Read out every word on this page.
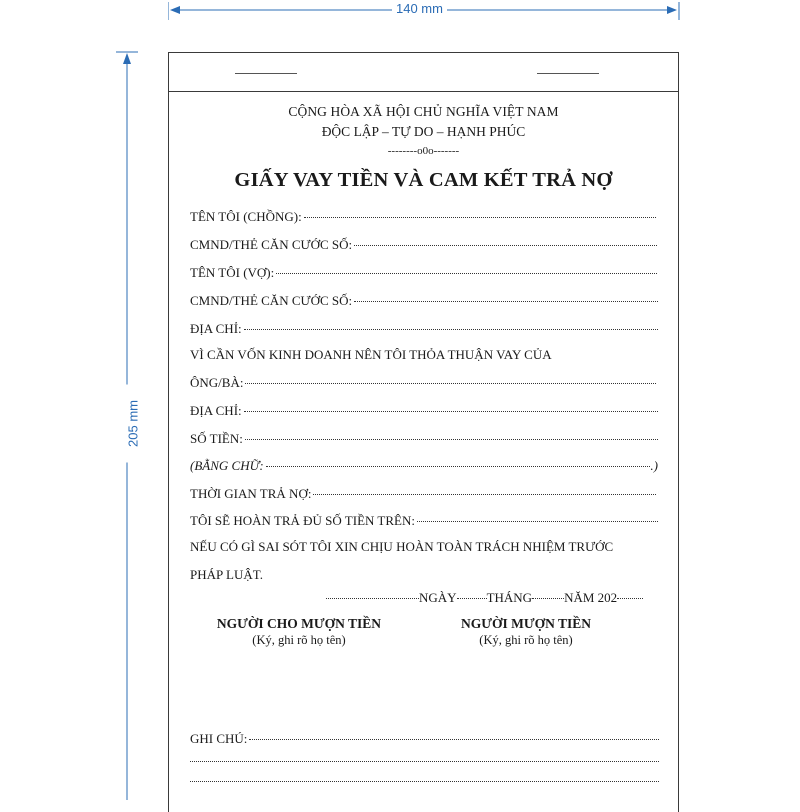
140 mm
205 mm
CỘNG HÒA XÃ HỘI CHỦ NGHĨA VIỆT NAM
ĐỘC LẬP – TỰ DO – HẠNH PHÚC
--------o0o-------
GIẤY VAY TIỀN VÀ CAM KẾT TRẢ NỢ
TÊN TÔI (CHỒNG):
CMND/THẺ CĂN CƯỚC SỐ:
TÊN TÔI (VỢ):
CMND/THẺ CĂN CƯỚC SỐ:
ĐỊA CHỈ:
VÌ CẦN VỐN KINH DOANH NÊN TÔI THỎA THUẬN VAY CỦA
ÔNG/BÀ:
ĐỊA CHỈ:
SỐ TIỀN:
(BẰNG CHỮ:	.)
THỜI GIAN TRẢ NỢ:
TÔI SẼ HOÀN TRẢ ĐỦ SỐ TIỀN TRÊN:
NẾU CÓ GÌ SAI SÓT TÔI XIN CHỊU HOÀN TOÀN TRÁCH NHIỆM TRƯỚC
PHÁP LUẬT.
NGÀY THÁNG NĂM 202
NGƯỜI CHO MƯỢN TIỀN
(Ký, ghi rõ họ tên)
NGƯỜI MƯỢN TIỀN
(Ký, ghi rõ họ tên)
GHI CHÚ:
